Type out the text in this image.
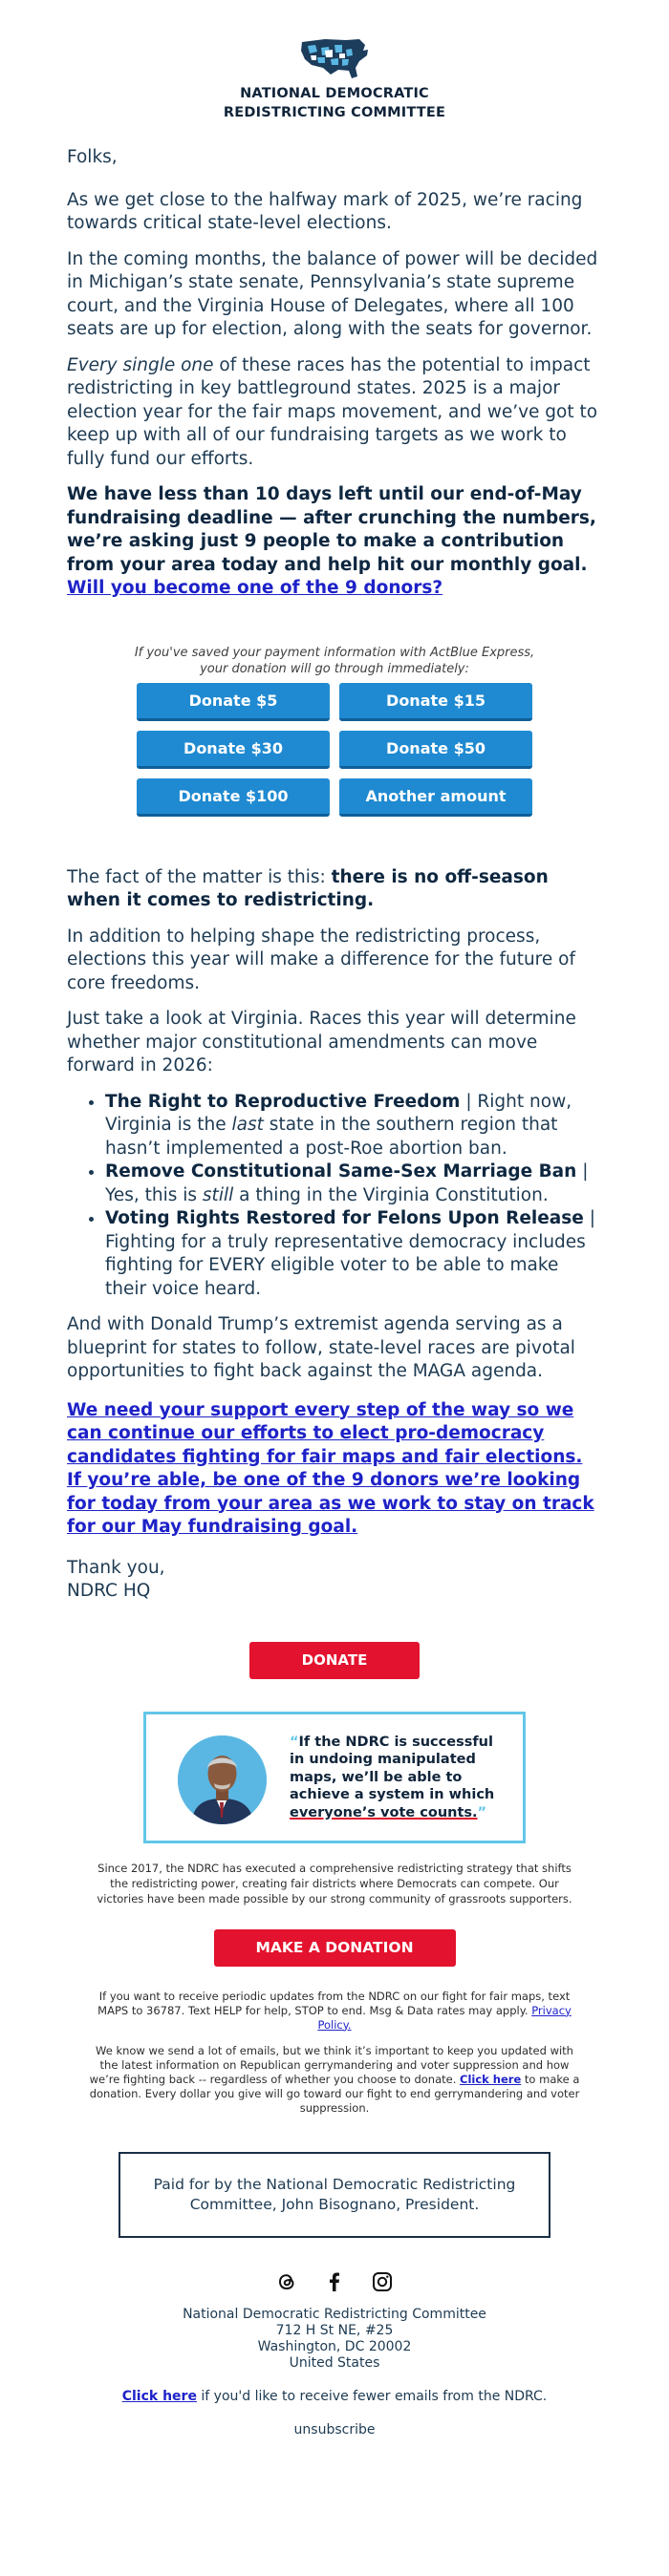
NATIONAL DEMOCRATIC
REDISTRICTING COMMITTEE

Folks,

As we get close to the halfway mark of 2025, we’re racing towards critical state-level elections.

In the coming months, the balance of power will be decided in Michigan’s state senate, Pennsylvania’s state supreme court, and the Virginia House of Delegates, where all 100 seats are up for election, along with the seats for governor.

Every single one of these races has the potential to impact redistricting in key battleground states. 2025 is a major election year for the fair maps movement, and we’ve got to keep up with all of our fundraising targets as we work to fully fund our efforts.

We have less than 10 days left until our end-of-May fundraising deadline — after crunching the numbers, we’re asking just 9 people to make a contribution from your area today and help hit our monthly goal.
Will you become one of the 9 donors?

If you've saved your payment information with ActBlue Express, your donation will go through immediately:
Donate $5	Donate $15
Donate $30	Donate $50
Donate $100	Another amount

The fact of the matter is this: there is no off-season when it comes to redistricting.

In addition to helping shape the redistricting process, elections this year will make a difference for the future of core freedoms.

Just take a look at Virginia. Races this year will determine whether major constitutional amendments can move forward in 2026:

• The Right to Reproductive Freedom | Right now, Virginia is the last state in the southern region that hasn’t implemented a post-Roe abortion ban.
• Remove Constitutional Same-Sex Marriage Ban | Yes, this is still a thing in the Virginia Constitution.
• Voting Rights Restored for Felons Upon Release | Fighting for a truly representative democracy includes fighting for EVERY eligible voter to be able to make their voice heard.

And with Donald Trump’s extremist agenda serving as a blueprint for states to follow, state-level races are pivotal opportunities to fight back against the MAGA agenda.

We need your support every step of the way so we can continue our efforts to elect pro-democracy candidates fighting for fair maps and fair elections. If you’re able, be one of the 9 donors we’re looking for today from your area as we work to stay on track for our May fundraising goal.

Thank you,
NDRC HQ

DONATE
“If the NDRC is successful
in undoing manipulated
maps, we’ll be able to
achieve a system in which
everyone’s vote counts.”
Since 2017, the NDRC has executed a comprehensive redistricting strategy that shifts the redistricting power, creating fair districts where Democrats can compete. Our victories have been made possible by our strong community of grassroots supporters.
MAKE A DONATION
If you want to receive periodic updates from the NDRC on our fight for fair maps, text MAPS to 36787. Text HELP for help, STOP to end. Msg & Data rates may apply. Privacy Policy.
We know we send a lot of emails, but we think it’s important to keep you updated with the latest information on Republican gerrymandering and voter suppression and how we’re fighting back -- regardless of whether you choose to donate. Click here to make a donation. Every dollar you give will go toward our fight to end gerrymandering and voter suppression.
Paid for by the National Democratic Redistricting Committee, John Bisognano, President.
National Democratic Redistricting Committee
712 H St NE, #25
Washington, DC 20002
United States
Click here if you'd like to receive fewer emails from the NDRC.
unsubscribe
